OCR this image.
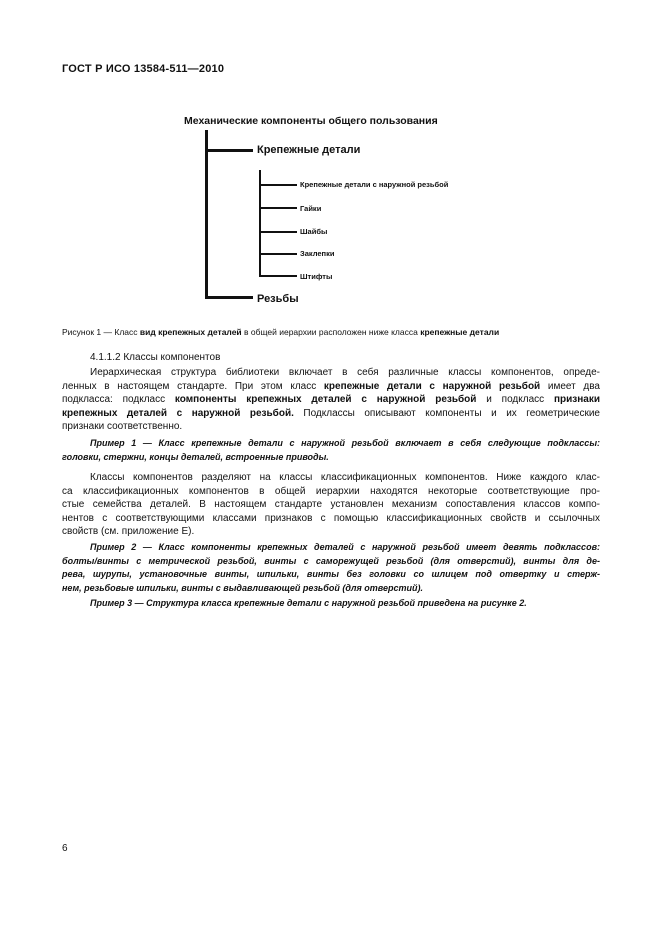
ГОСТ Р ИСО 13584-511—2010
Механические компоненты общего пользования
Крепежные детали
Крепежные детали с наружной резьбой
Гайки
Шайбы
Заклепки
Штифты
Резьбы
Рисунок 1 — Класс вид крепежных деталей в общей иерархии расположен ниже класса крепежные детали
4.1.1.2 Классы компонентов
Иерархическая структура библиотеки включает в себя различные классы компонентов, опреде-
ленных в настоящем стандарте. При этом класс крепежные детали с наружной резьбой имеет два
подкласса: подкласс компоненты крепежных деталей с наружной резьбой и подкласс признаки
крепежных деталей с наружной резьбой. Подклассы описывают компоненты и их геометрические
признаки соответственно.
Пример 1 — Класс крепежные детали с наружной резьбой включает в себя следующие подклассы:
головки, стержни, концы деталей, встроенные приводы.
Классы компонентов разделяют на классы классификационных компонентов. Ниже каждого клас-
са классификационных компонентов в общей иерархии находятся некоторые соответствующие про-
стые семейства деталей. В настоящем стандарте установлен механизм сопоставления классов компо-
нентов с соответствующими классами признаков с помощью классификационных свойств и ссылочных
свойств (см. приложение Е).
Пример 2 — Класс компоненты крепежных деталей с наружной резьбой имеет девять подклассов:
болты/винты с метрической резьбой, винты с саморежущей резьбой (для отверстий), винты для де-
рева, шурупы, установочные винты, шпильки, винты без головки со шлицем под отвертку и стерж-
нем, резьбовые шпильки, винты с выдавливающей резьбой (для отверстий).
Пример 3 — Структура класса крепежные детали с наружной резьбой приведена на рисунке 2.
6
